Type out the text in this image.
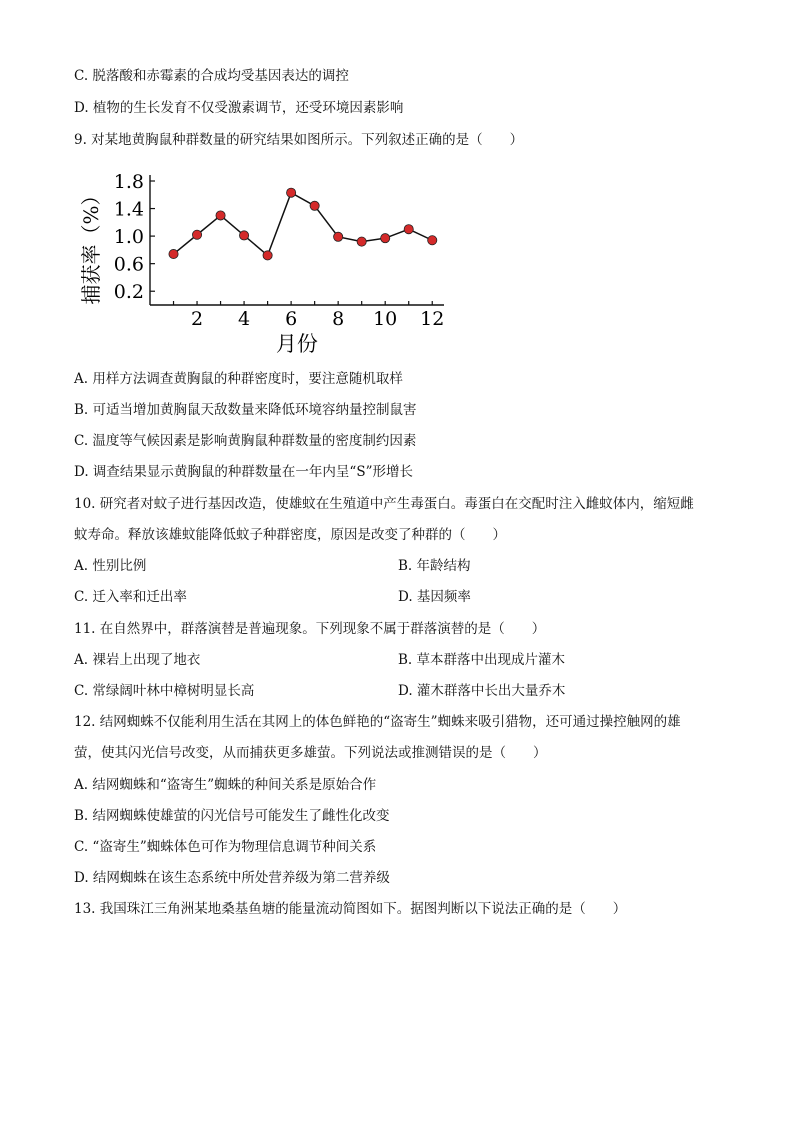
C. 脱落酸和赤霉素的合成均受基因表达的调控
D. 植物的生长发育不仅受激素调节，还受环境因素影响
9. 对某地黄胸鼠种群数量的研究结果如图所示。下列叙述正确的是（　　）
0.2
0.6
1.0
1.4
1.8
2 4 6 8 10 12
捕获率（%）
月份
A. 用样方法调查黄胸鼠的种群密度时，要注意随机取样
B. 可适当增加黄胸鼠天敌数量来降低环境容纳量控制鼠害
C. 温度等气候因素是影响黄胸鼠种群数量的密度制约因素
D. 调查结果显示黄胸鼠的种群数量在一年内呈“S”形增长
10. 研究者对蚊子进行基因改造，使雄蚊在生殖道中产生毒蛋白。毒蛋白在交配时注入雌蚊体内，缩短雌
蚊寿命。释放该雄蚊能降低蚊子种群密度，原因是改变了种群的（　　）
A. 性别比例	B. 年龄结构
C. 迁入率和迁出率	D. 基因频率
11. 在自然界中，群落演替是普遍现象。下列现象不属于群落演替的是（　　）
A. 裸岩上出现了地衣	B. 草本群落中出现成片灌木
C. 常绿阔叶林中樟树明显长高	D. 灌木群落中长出大量乔木
12. 结网蜘蛛不仅能利用生活在其网上的体色鲜艳的“盗寄生”蜘蛛来吸引猎物，还可通过操控触网的雄
萤，使其闪光信号改变，从而捕获更多雄萤。下列说法或推测错误的是（　　）
A. 结网蜘蛛和“盗寄生”蜘蛛的种间关系是原始合作
B. 结网蜘蛛使雄萤的闪光信号可能发生了雌性化改变
C. “盗寄生”蜘蛛体色可作为物理信息调节种间关系
D. 结网蜘蛛在该生态系统中所处营养级为第二营养级
13. 我国珠江三角洲某地桑基鱼塘的能量流动简图如下。据图判断以下说法正确的是（　　）
